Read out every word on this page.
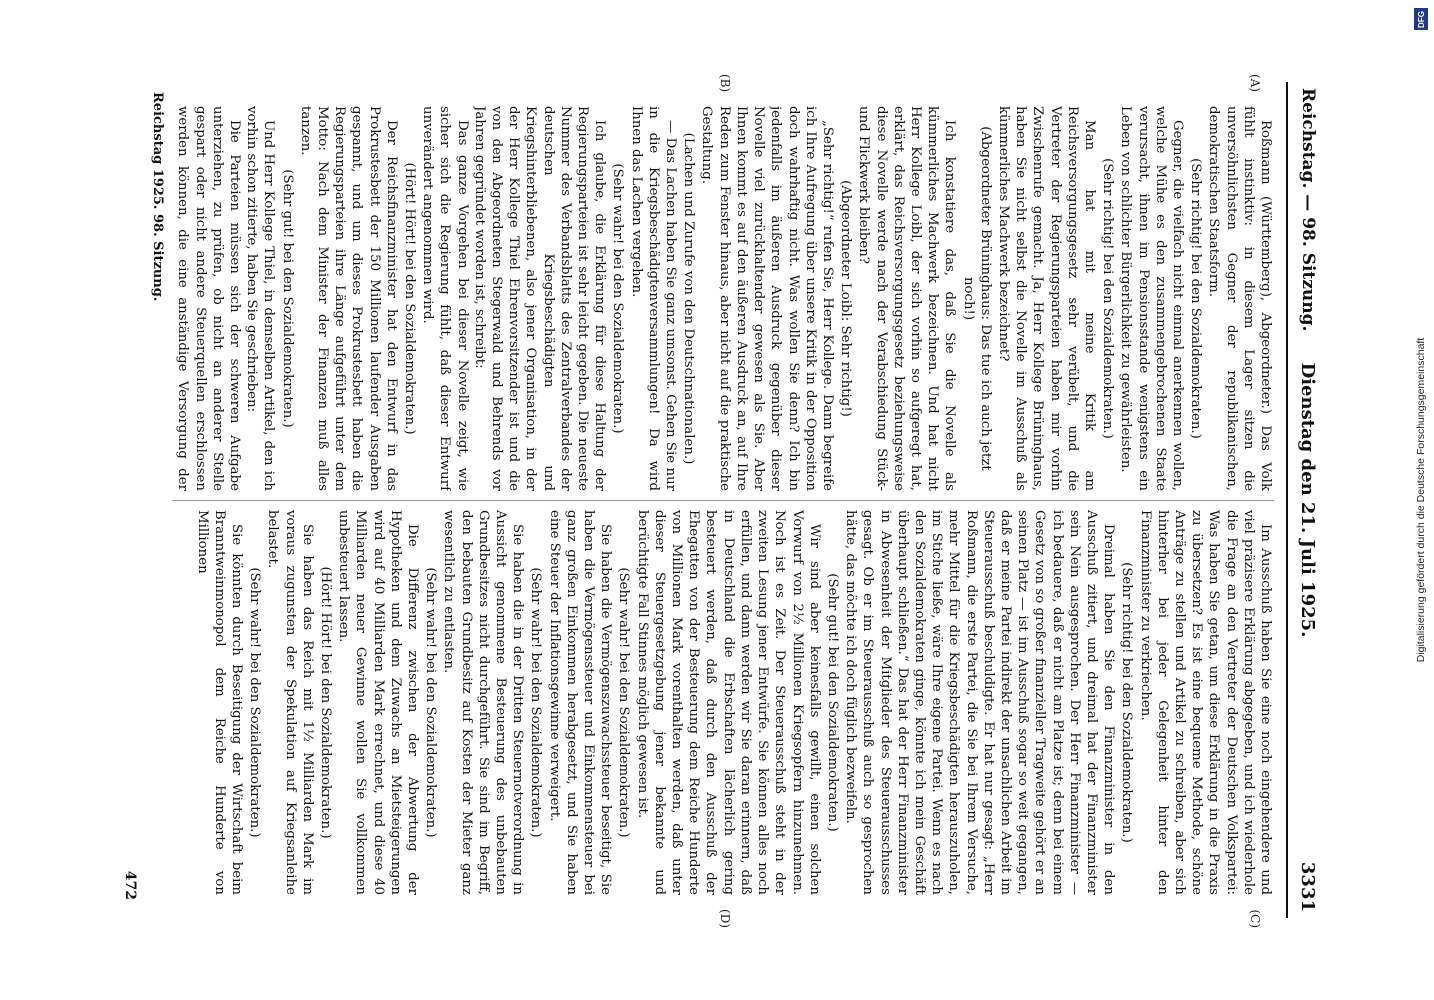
Reichstag. — 98. Sitzung.
Dienstag den 21. Juli 1925.
3331
(A)
(B)
(C)
(D)

Roßmann (Württemberg), Abgeordneter.) Das Volk fühlt instinktiv: in diesem Lager sitzen die unversöhnlichsten Gegner der republikanischen, demokratischen Staatsform.

(Sehr richtig! bei den Sozialdemokraten.)

Gegner, die vielfach nicht einmal anerkennen wollen, welche Mühe es den zusammengebrochenen Staate verursacht, ihnen im Pensionsstande wenigstens ein Leben von schlichter Bürgerlichkeit zu gewährleisten.

(Sehr richtig! bei den Sozialdemokraten.)

Man hat mit meine Kritik am Reichsversorgungsgesetz sehr verübelt, und die Vertreter der Regierungsparteien haben mir vorhin Zwischenrufe gemacht. Ja, Herr Kollege Brüninghaus, haben Sie nicht selbst die Novelle im Ausschuß als kümmerliches Machwerk bezeichnet?

(Abgeordneter Brüninghaus: Das tue ich auch jetzt noch!)

Ich konstatiere das, daß Sie die Novelle als kümmerliches Machwerk bezeichnen. Und hat nicht Herr Kollege Loibl, der sich vorhin so aufgeregt hat, erklärt, das Reichsversorgungsgesetz beziehungsweise diese Novelle werde nach der Verabschiedung Stück- und Flickwerk bleiben?

(Abgeordneter Loibl: Sehr richtig!)

„Sehr richtig!“ rufen Sie, Herr Kollege. Dann begreife ich Ihre Aufregung über unsere Kritik in der Opposition doch wahrhaftig nicht. Was wollen Sie denn? Ich bin jedenfalls im äußeren Ausdruck gegenüber dieser Novelle viel zurückhaltender gewesen als Sie. Aber Ihnen kommt es auf den äußeren Ausdruck an, auf Ihre Reden zum Fenster hinaus, aber nicht auf die praktische Gestaltung.

(Lachen und Zurufe von den Deutschnationalen.)

— Das Lachen haben Sie ganz umsonst. Gehen Sie nur in die Kriegsbeschädigtenversammlungen! Da wird Ihnen das Lachen vergehen.

(Sehr wahr! bei den Sozialdemokraten.)

Ich glaube, die Erklärung für diese Haltung der Regierungsparteien ist sehr leicht gegeben. Die neueste Nummer des Verbandsblatts des Zentralverbandes der deutschen Kriegsbeschädigten und Kriegshinterbliebenen, also jener Organisation, in der der Herr Kollege Thiel Ehrenvorsitzender ist und die von den Abgeordneten Stegerwald und Behrends vor Jahren gegründet worden ist, schreibt:

Das ganze Vorgehen bei dieser Novelle zeigt, wie sicher sich die Regierung fühlt, daß dieser Entwurf unverändert angenommen wird.

(Hört! Hört! bei den Sozialdemokraten.)

Der Reichsfinanzminister hat den Entwurf in das Prokrustesbett der 150 Millionen laufender Ausgaben gespannt, und um dieses Prokrustesbett haben die Regierungsparteien ihre Länge aufgeführt unter dem Motto: Nach dem Minister der Finanzen muß alles tanzen.

(Sehr gut! bei den Sozialdemokraten.)

Und Herr Kollege Thiel, in demselben Artikel, den ich vorhin schon zitierte, haben Sie geschrieben:

Die Parteien müssen sich der schweren Aufgabe unterziehen, zu prüfen, ob nicht an anderer Stelle gespart oder nicht andere Steuerquellen erschlossen werden können, die eine anständige Versorgung der

Im Ausschuß haben Sie eine noch eingehendere und viel präzisere Erklärung abgegeben, und ich wiederhole die Frage an den Vertreter der Deutschen Volkspartei: Was haben Sie getan, um diese Erklärung in die Praxis zu übersetzen? Es ist eine bequeme Methode, schöne Anträge zu stellen und Artikel zu schreiben, aber sich hinterher bei jeder Gelegenheit hinter den Finanzminister zu verkriechen.

(Sehr richtig! bei den Sozialdemokraten.)

Dreimal haben Sie den Finanzminister in den Ausschuß zitiert, und dreimal hat der Finanzminister sein Nein ausgesprochen. Der Herr Finanzminister — ich bedauere, daß er nicht am Platze ist; denn bei einem Gesetz von so großer finanzieller Tragweite gehört er an seinen Platz — ist im Ausschuß sogar so weit gegangen, daß er meine Partei indirekt der unsachlichen Arbeit im Steuerausschuß beschuldigte. Er hat nur gesagt: „Herr Roßmann, die erste Partei, die Sie bei Ihrem Versuche, mehr Mittel für die Kriegsbeschädigten herauszuholen, im Stiche ließe, wäre Ihre eigene Partei. Wenn es nach den Sozialdemokraten ginge, könnte ich mein Geschäft überhaupt schließen.“ Das hat der Herr Finanzminister in Abwesenheit der Mitglieder des Steuerausschusses gesagt. Ob er im Steuerausschuß auch so gesprochen hätte, das möchte ich doch füglich bezweifeln.

(Sehr gut! bei den Sozialdemokraten.)

Wir sind aber keinesfalls gewillt, einen solchen Vorwurf von 2½ Millionen Kriegsopfern hinzunehmen. Noch ist es Zeit. Der Steuerausschuß steht in der zweiten Lesung jener Entwürfe. Sie können alles noch erfüllen, und dann werden wir Sie daran erinnern, daß in Deutschland die Erbschaften lächerlich gering besteuert werden, daß durch den Ausschuß der Ehegatten von der Besteuerung dem Reiche Hunderte von Millionen Mark vorenthalten werden, daß unter dieser Steuergesetzgebung jener bekannte und berüchtigte Fall Stinnes möglich gewesen ist.

(Sehr wahr! bei den Sozialdemokraten.)

Sie haben die Vermögenszuwachssteuer beseitigt, Sie haben die Vermögenssteuer und Einkommensteuer bei ganz großen Einkommen herabgesetzt, und Sie haben eine Steuer der Inflationsgewinne verweigert.

(Sehr wahr! bei den Sozialdemokraten.)

Sie haben die in der Dritten Steuernotverordnung in Aussicht genommene Besteuerung des unbebauten Grundbesitzes nicht durchgeführt. Sie sind im Begriff, den bebauten Grundbesitz auf Kosten der Mieter ganz wesentlich zu entlasten.

(Sehr wahr! bei den Sozialdemokraten.)

Die Differenz zwischen der Abwertung der Hypotheken und dem Zuwachs an Mietsteigerungen wird auf 40 Milliarden Mark errechnet, und diese 40 Milliarden neuer Gewinne wollen Sie vollkommen unbesteuert lassen.

(Hört! Hört! bei den Sozialdemokraten.)

Sie haben das Reich mit 1½ Milliarden Mark im voraus zugunsten der Spekulation auf Kriegsanleihe belastet.

(Sehr wahr! bei den Sozialdemokraten.)

Sie könnten durch Beseitigung der Wirtschaft beim Branntweinmonopol dem Reiche Hunderte von Millionen

Reichstag 1925. 98. Sitzung.
472
Digitalisierung gefördert durch die Deutsche Forschungsgemeinschaft
DFG
